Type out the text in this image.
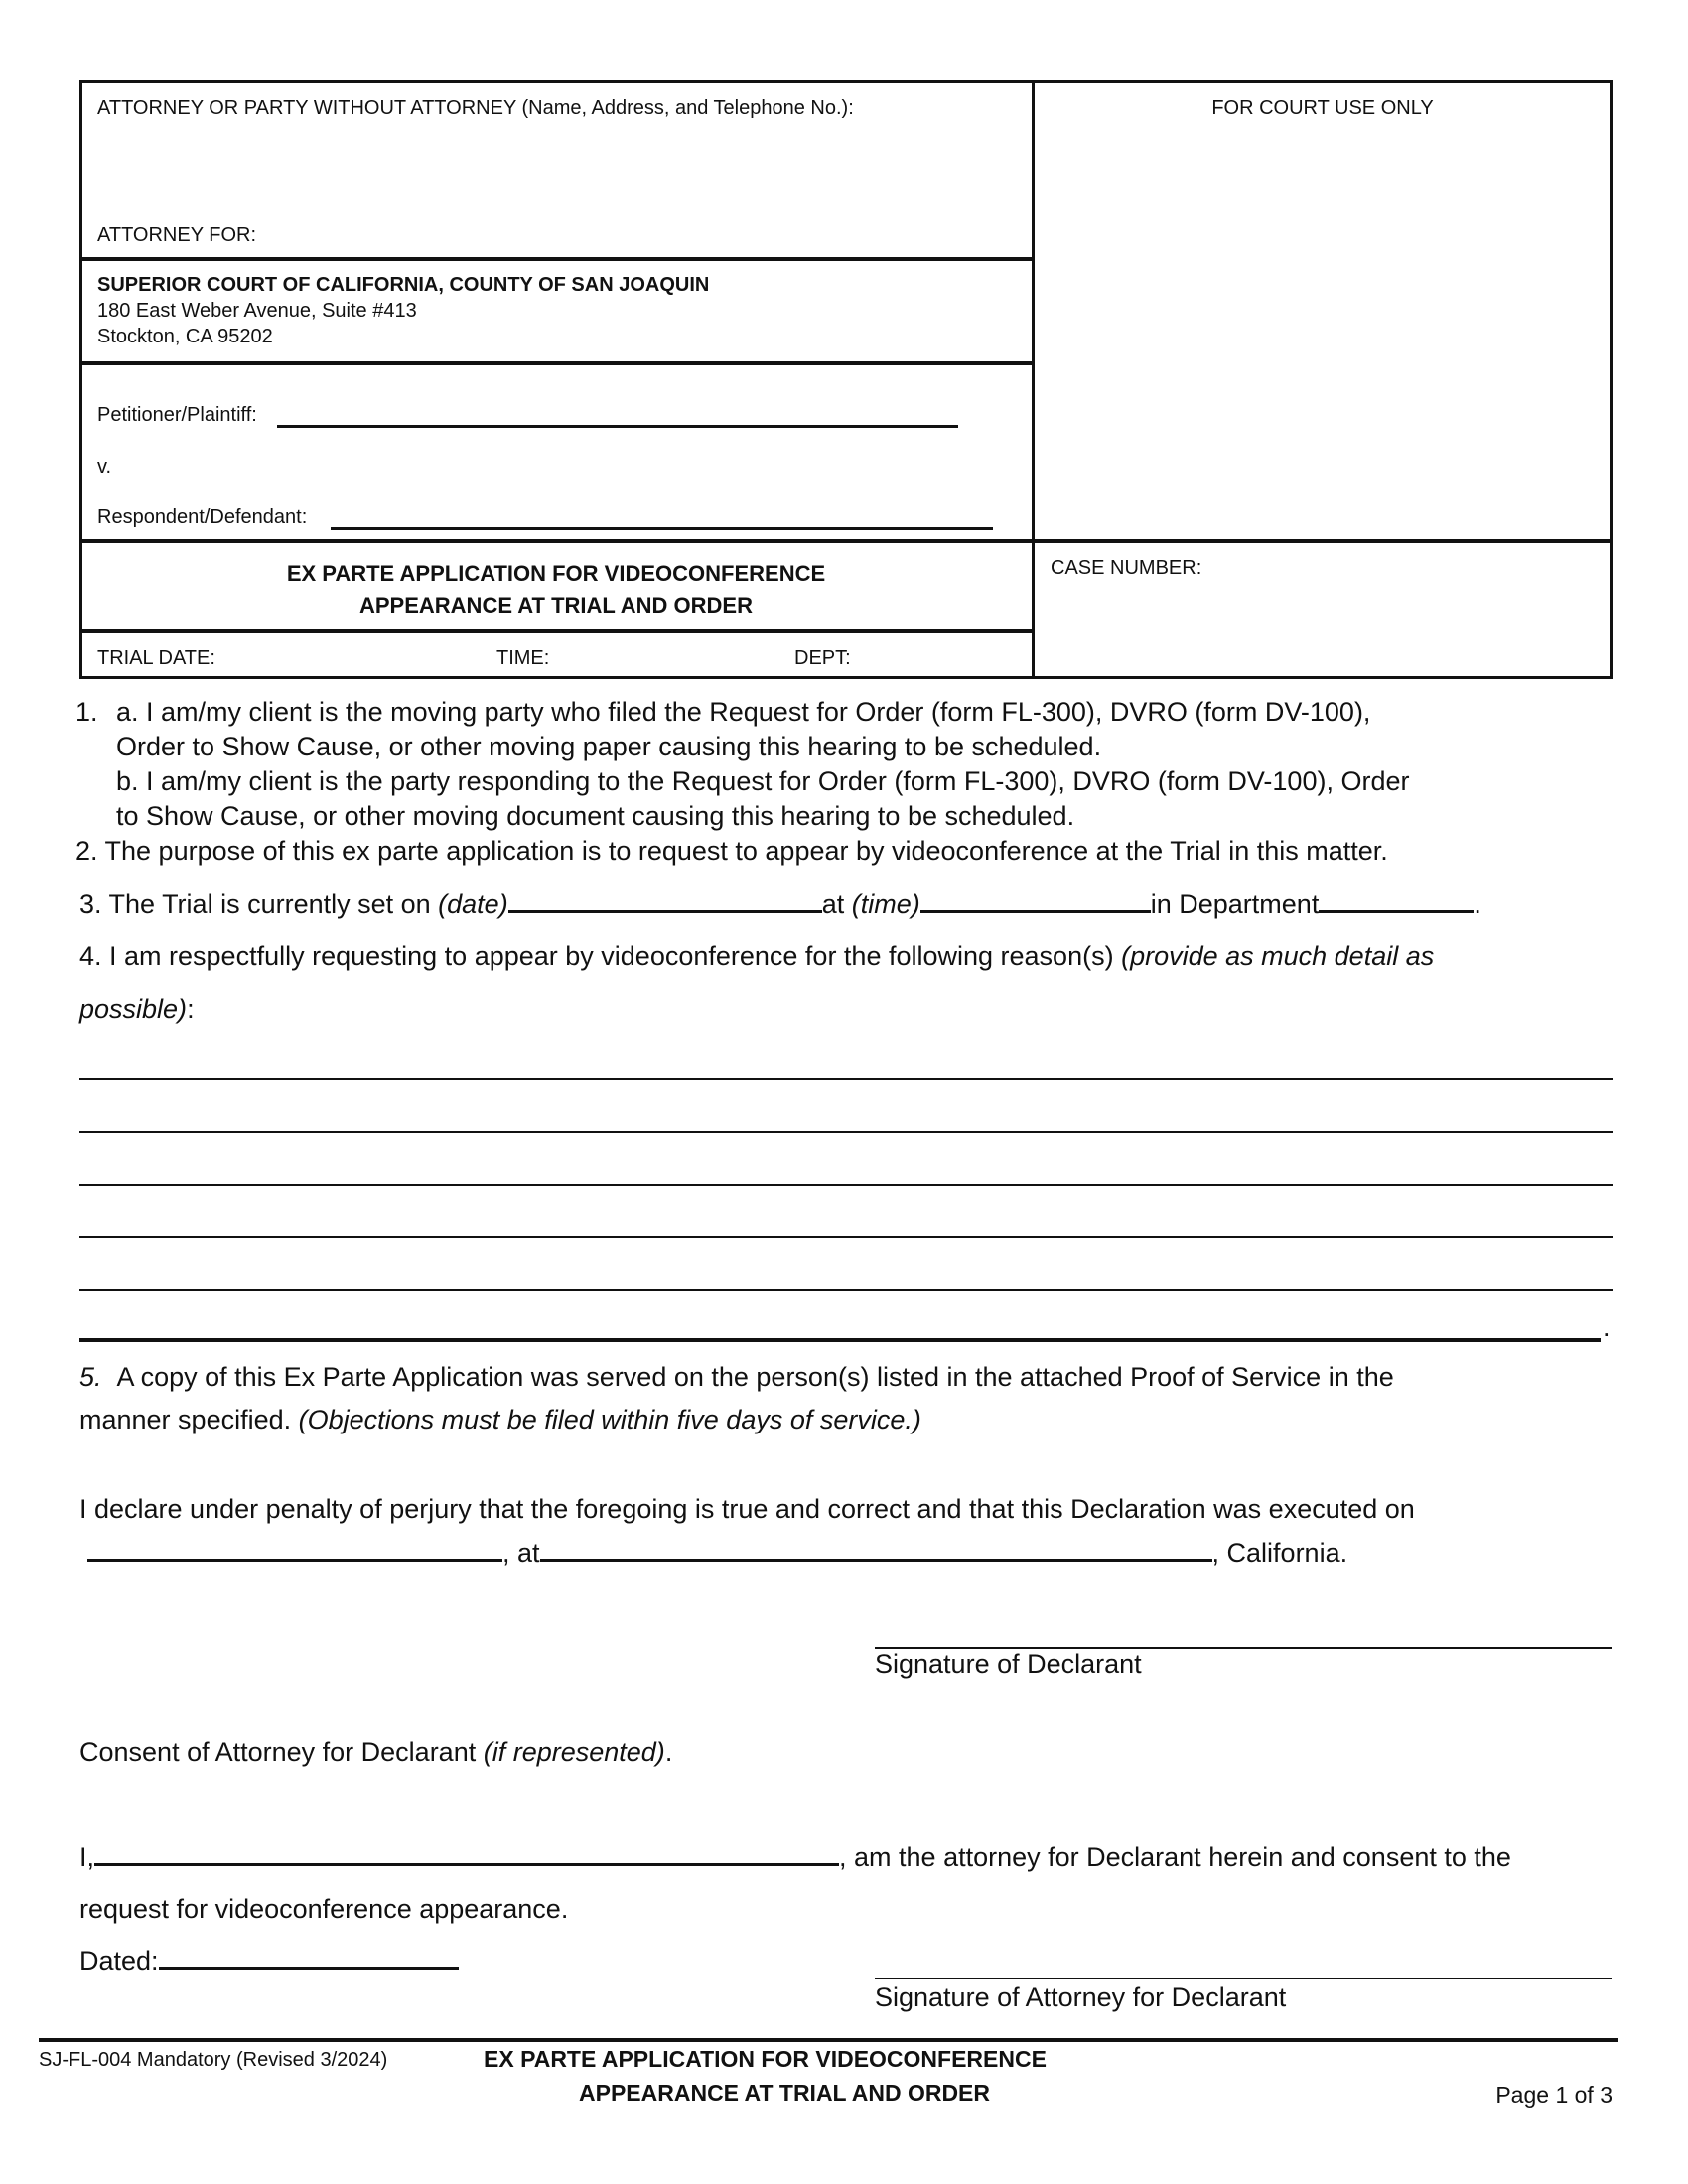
ATTORNEY OR PARTY WITHOUT ATTORNEY (Name, Address, and Telephone No.):	FOR COURT USE ONLY
ATTORNEY FOR:
SUPERIOR COURT OF CALIFORNIA, COUNTY OF SAN JOAQUIN
180 East Weber Avenue, Suite #413
Stockton, CA 95202
Petitioner/Plaintiff:
v.
Respondent/Defendant:
EX PARTE APPLICATION FOR VIDEOCONFERENCE
APPEARANCE AT TRIAL AND ORDER
CASE NUMBER:
TRIAL DATE:	TIME:	DEPT:
1. a. I am/my client is the moving party who filed the Request for Order (form FL-300), DVRO (form DV-100),
Order to Show Cause, or other moving paper causing this hearing to be scheduled.
b. I am/my client is the party responding to the Request for Order (form FL-300), DVRO (form DV-100), Order
to Show Cause, or other moving document causing this hearing to be scheduled.
2. The purpose of this ex parte application is to request to appear by videoconference at the Trial in this matter.
3. The Trial is currently set on (date)	at (time)	in Department	.
4. I am respectfully requesting to appear by videoconference for the following reason(s) (provide as much detail as
possible):
.
5. A copy of this Ex Parte Application was served on the person(s) listed in the attached Proof of Service in the
manner specified. (Objections must be filed within five days of service.)
I declare under penalty of perjury that the foregoing is true and correct and that this Declaration was executed on
, at	, California.
Signature of Declarant
Consent of Attorney for Declarant (if represented).
I,	, am the attorney for Declarant herein and consent to the
request for videoconference appearance.
Dated:
Signature of Attorney for Declarant
SJ-FL-004 Mandatory (Revised 3/2024)	EX PARTE APPLICATION FOR VIDEOCONFERENCE
APPEARANCE AT TRIAL AND ORDER	Page 1 of 3
